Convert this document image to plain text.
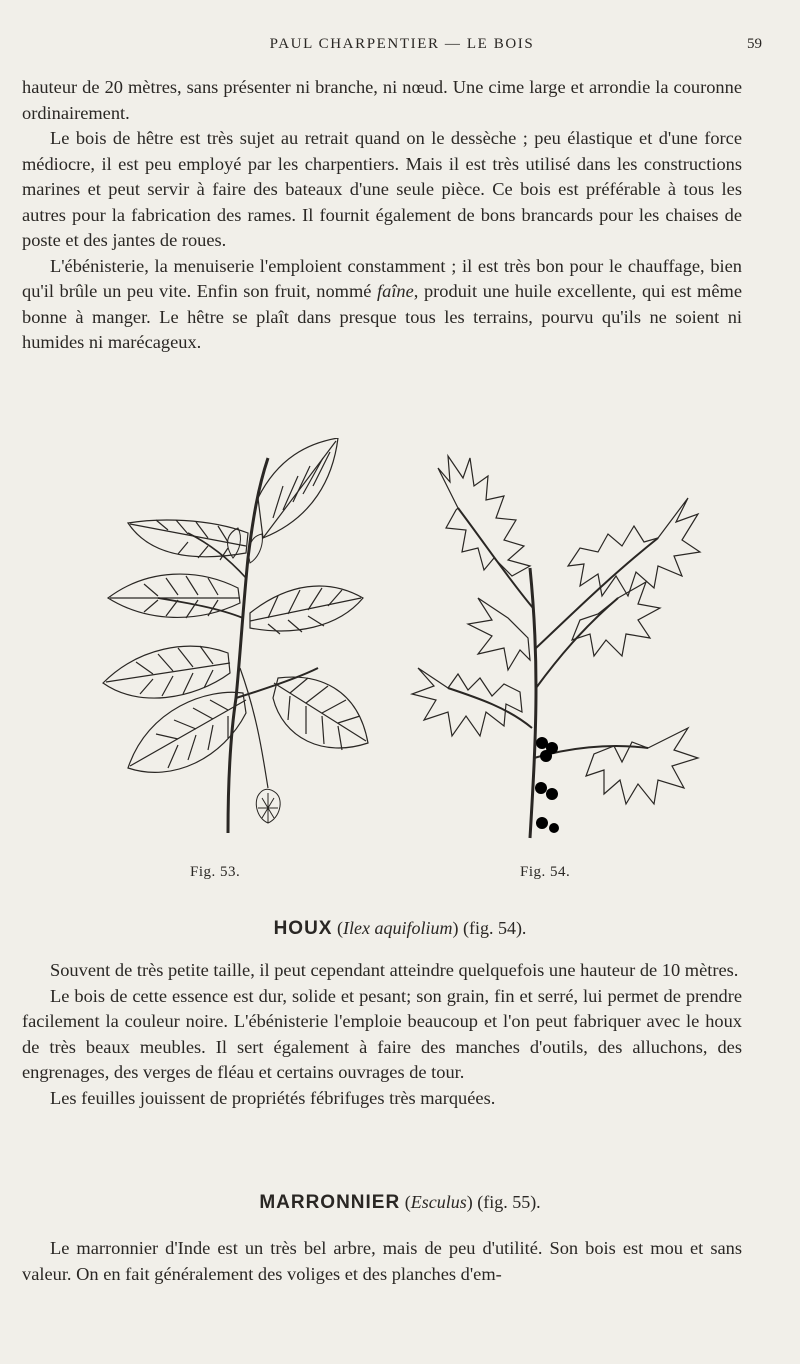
PAUL CHARPENTIER — LE BOIS	59

hauteur de 20 mètres, sans présenter ni branche, ni nœud. Une cime large et arrondie la couronne ordinairement.

Le bois de hêtre est très sujet au retrait quand on le dessèche ; peu élastique et d'une force médiocre, il est peu employé par les charpentiers. Mais il est très utilisé dans les constructions marines et peut servir à faire des bateaux d'une seule pièce. Ce bois est préférable à tous les autres pour la fabrication des rames. Il fournit également de bons brancards pour les chaises de poste et des jantes de roues.

L'ébénisterie, la menuiserie l'emploient constamment ; il est très bon pour le chauffage, bien qu'il brûle un peu vite. Enfin son fruit, nommé faîne, produit une huile excellente, qui est même bonne à manger. Le hêtre se plaît dans presque tous les terrains, pourvu qu'ils ne soient ni humides ni marécageux.

Fig. 53.	Fig. 54.
HOUX (Ilex aquifolium) (fig. 54).

Souvent de très petite taille, il peut cependant atteindre quelquefois une hauteur de 10 mètres.

Le bois de cette essence est dur, solide et pesant; son grain, fin et serré, lui permet de prendre facilement la couleur noire. L'ébénisterie l'emploie beaucoup et l'on peut fabriquer avec le houx de très beaux meubles. Il sert également à faire des manches d'outils, des alluchons, des engrenages, des verges de fléau et certains ouvrages de tour.

Les feuilles jouissent de propriétés fébrifuges très marquées.

MARRONNIER (Esculus) (fig. 55).

Le marronnier d'Inde est un très bel arbre, mais de peu d'utilité. Son bois est mou et sans valeur. On en fait généralement des voliges et des planches d'em-
